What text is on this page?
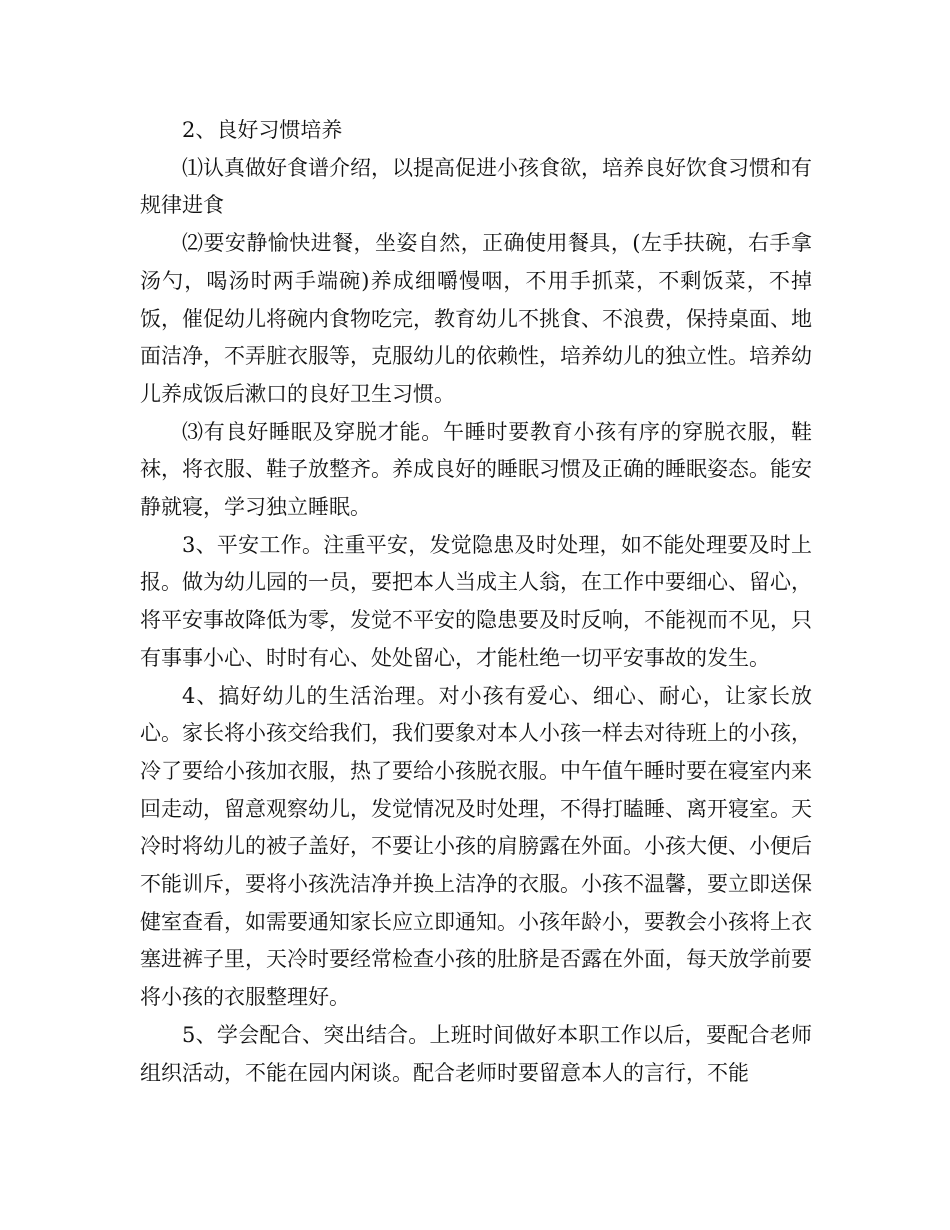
2、良好习惯培养

⑴认真做好食谱介绍，以提高促进小孩食欲，培养良好饮食习惯和有规律进食

⑵要安静愉快进餐，坐姿自然，正确使用餐具，(左手扶碗，右手拿汤勺，喝汤时两手端碗)养成细嚼慢咽，不用手抓菜，不剩饭菜，不掉饭，催促幼儿将碗内食物吃完，教育幼儿不挑食、不浪费，保持桌面、地面洁净，不弄脏衣服等，克服幼儿的依赖性，培养幼儿的独立性。培养幼儿养成饭后漱口的良好卫生习惯。

⑶有良好睡眠及穿脱才能。午睡时要教育小孩有序的穿脱衣服，鞋袜，将衣服、鞋子放整齐。养成良好的睡眠习惯及正确的睡眠姿态。能安静就寝，学习独立睡眠。

3、平安工作。注重平安，发觉隐患及时处理，如不能处理要及时上报。做为幼儿园的一员，要把本人当成主人翁，在工作中要细心、留心，将平安事故降低为零，发觉不平安的隐患要及时反响，不能视而不见，只有事事小心、时时有心、处处留心，才能杜绝一切平安事故的发生。

4、搞好幼儿的生活治理。对小孩有爱心、细心、耐心，让家长放心。家长将小孩交给我们，我们要象对本人小孩一样去对待班上的小孩，冷了要给小孩加衣服，热了要给小孩脱衣服。中午值午睡时要在寝室内来回走动，留意观察幼儿，发觉情况及时处理，不得打瞌睡、离开寝室。天冷时将幼儿的被子盖好，不要让小孩的肩膀露在外面。小孩大便、小便后不能训斥，要将小孩洗洁净并换上洁净的衣服。小孩不温馨，要立即送保健室查看，如需要通知家长应立即通知。小孩年龄小，要教会小孩将上衣塞进裤子里，天冷时要经常检查小孩的肚脐是否露在外面，每天放学前要将小孩的衣服整理好。

5、学会配合、突出结合。上班时间做好本职工作以后，要配合老师组织活动，不能在园内闲谈。配合老师时要留意本人的言行，不能
